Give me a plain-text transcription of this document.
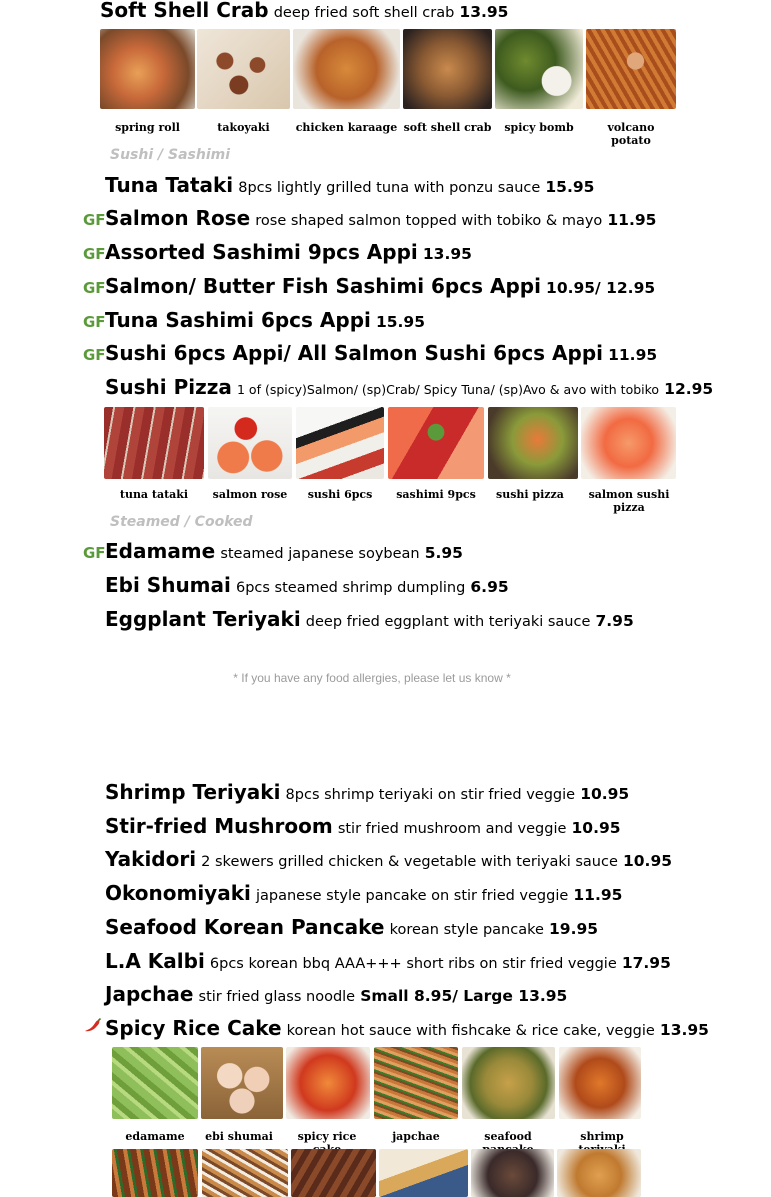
Soft Shell Crab deep fried soft shell crab 13.95
spring roll	takoyaki	chicken karaage soft shell crab	spicy bomb	volcano potato
Sushi / Sashimi
Tuna Tataki 8pcs lightly grilled tuna with ponzu sauce 15.95
GF Salmon Rose rose shaped salmon topped with tobiko & mayo 11.95
GF Assorted Sashimi 9pcs Appi 13.95
GF Salmon/ Butter Fish Sashimi 6pcs Appi 10.95/ 12.95
GF Tuna Sashimi 6pcs Appi 15.95
GF Sushi 6pcs Appi/ All Salmon Sushi 6pcs Appi 11.95
Sushi Pizza 1 of (spicy)Salmon/ (sp)Crab/ Spicy Tuna/ (sp)Avo & avo with tobiko 12.95
tuna tataki	salmon rose	sushi 6pcs	sashimi 9pcs	sushi pizza	salmon sushi pizza
Steamed / Cooked
GF Edamame steamed japanese soybean 5.95
Ebi Shumai 6pcs steamed shrimp dumpling 6.95
Eggplant Teriyaki deep fried eggplant with teriyaki sauce 7.95
* If you have any food allergies, please let us know *
Shrimp Teriyaki 8pcs shrimp teriyaki on stir fried veggie 10.95
Stir-fried Mushroom stir fried mushroom and veggie 10.95
Yakidori 2 skewers grilled chicken & vegetable with teriyaki sauce 10.95
Okonomiyaki japanese style pancake on stir fried veggie 11.95
Seafood Korean Pancake korean style pancake 19.95
L.A Kalbi 6pcs korean bbq AAA+++ short ribs on stir fried veggie 17.95
Japchae stir fried glass noodle Small 8.95/ Large 13.95
Spicy Rice Cake korean hot sauce with fishcake & rice cake, veggie 13.95
edamame	ebi shumai	spicy rice	japchae	seafood	shrimp
